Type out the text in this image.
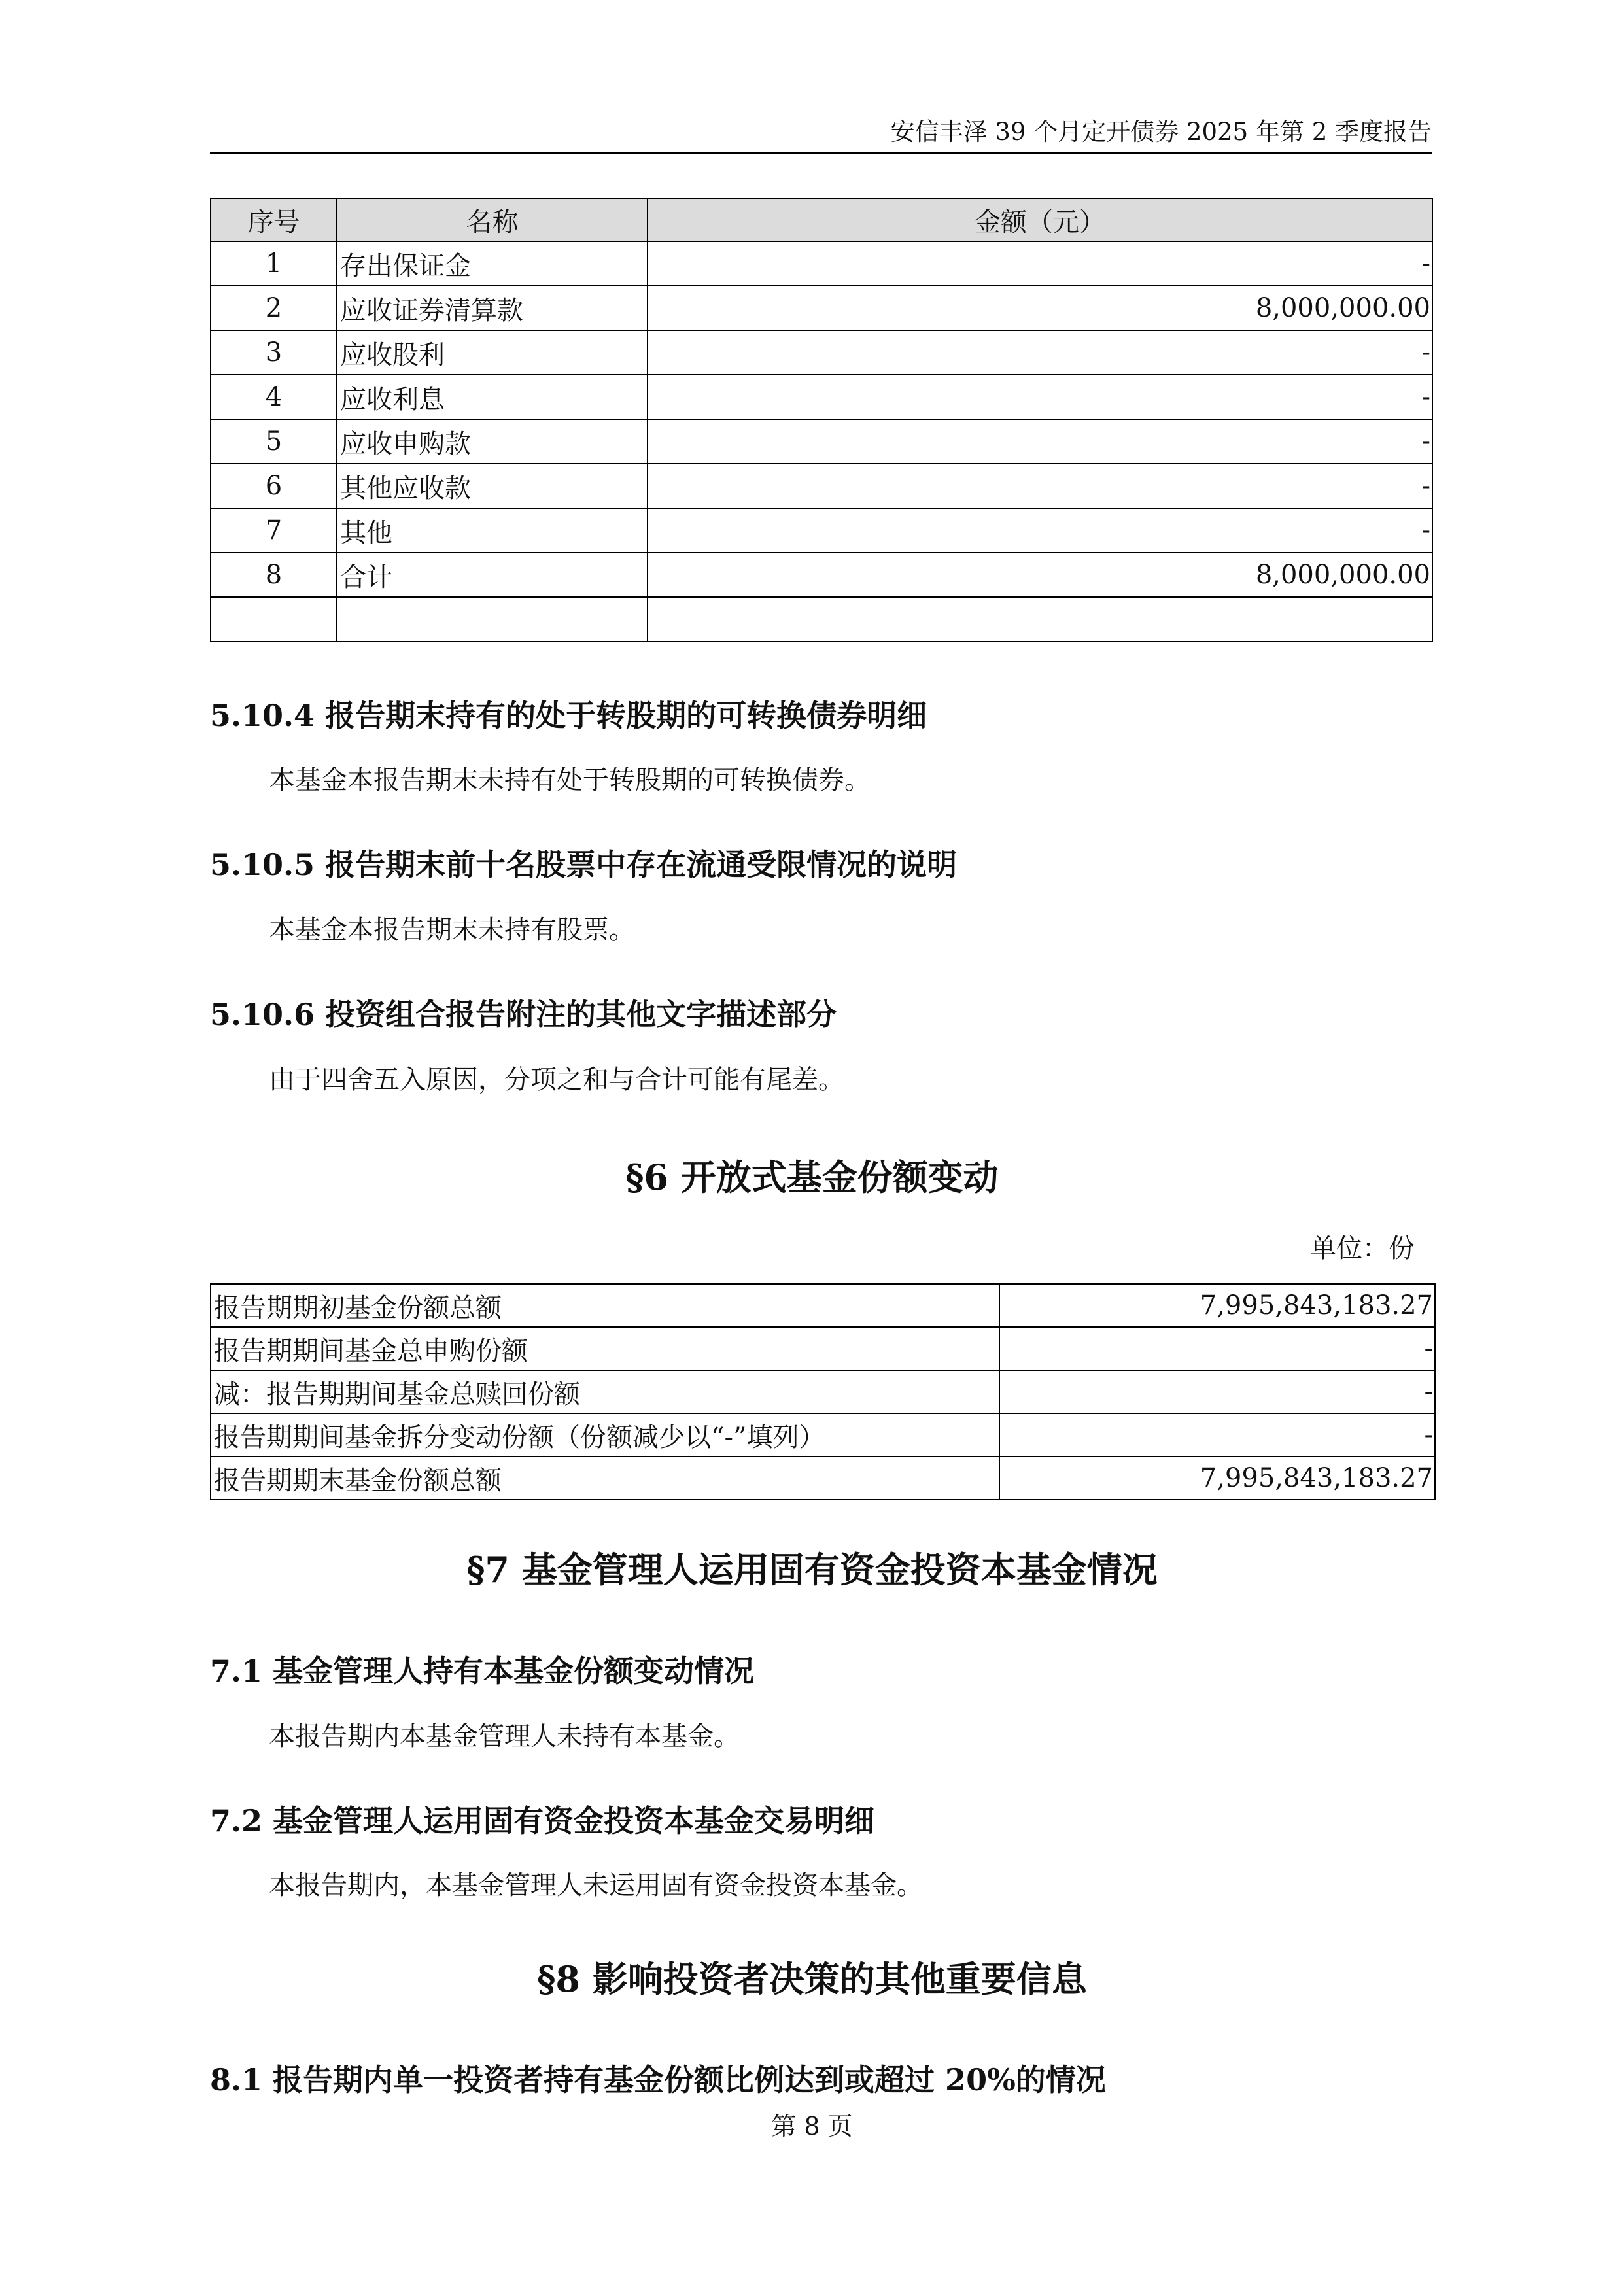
安信丰泽 39 个月定开债券 2025 年第 2 季度报告
序号	名称	金额（元）
1	存出保证金	-
2	应收证券清算款	8,000,000.00
3	应收股利	-
4	应收利息	-
5	应收申购款	-
6	其他应收款	-
7	其他	-
8	合计	8,000,000.00

5.10.4 报告期末持有的处于转股期的可转换债券明细
本基金本报告期末未持有处于转股期的可转换债券。
5.10.5 报告期末前十名股票中存在流通受限情况的说明
本基金本报告期末未持有股票。
5.10.6 投资组合报告附注的其他文字描述部分
由于四舍五入原因，分项之和与合计可能有尾差。
§6 开放式基金份额变动
单位：份
报告期期初基金份额总额	7,995,843,183.27
报告期期间基金总申购份额	-
减：报告期期间基金总赎回份额	-
报告期期间基金拆分变动份额（份额减少以“-”填列）	-
报告期期末基金份额总额	7,995,843,183.27
§7 基金管理人运用固有资金投资本基金情况
7.1 基金管理人持有本基金份额变动情况
本报告期内本基金管理人未持有本基金。
7.2 基金管理人运用固有资金投资本基金交易明细
本报告期内，本基金管理人未运用固有资金投资本基金。
§8 影响投资者决策的其他重要信息
8.1 报告期内单一投资者持有基金份额比例达到或超过 20%的情况
第 8 页
